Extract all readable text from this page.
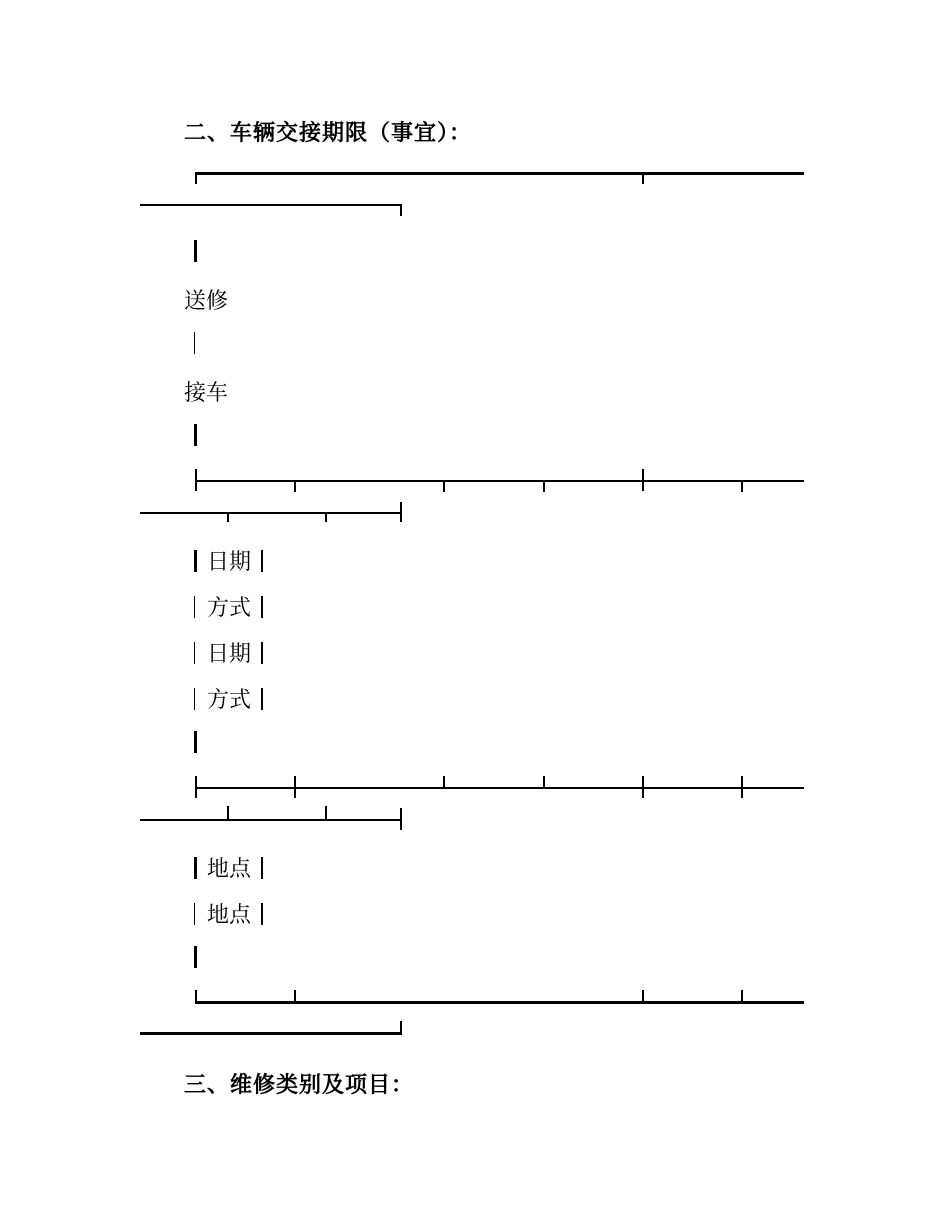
二、车辆交接期限（事宜）：
送修
接车
日期
方式
日期
方式
地点
地点
三、维修类别及项目：
